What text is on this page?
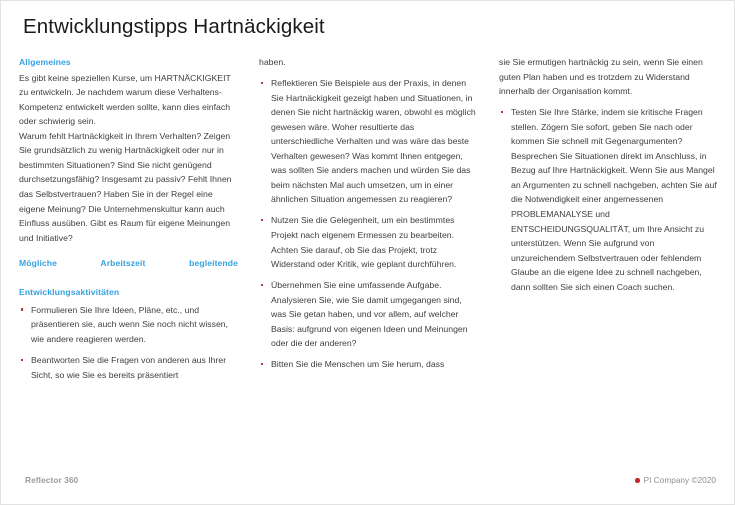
Entwicklungstipps Hartnäckigkeit
Allgemeines

Es gibt keine speziellen Kurse, um HARTNÄCKIGKEIT zu entwickeln. Je nachdem warum diese Verhaltens-Kompetenz entwickelt werden sollte, kann dies einfach oder schwierig sein.

Warum fehlt Hartnäckigkeit in Ihrem Verhalten? Zeigen Sie grundsätzlich zu wenig Hartnäckigkeit oder nur in bestimmten Situationen? Sind Sie nicht genügend durchsetzungsfähig? Insgesamt zu passiv? Fehlt Ihnen das Selbstvertrauen? Haben Sie in der Regel eine eigene Meinung? Die Unternehmenskultur kann auch Einfluss ausüben. Gibt es Raum für eigene Meinungen und Initiative?

Mögliche Arbeitszeit begleitende
Entwicklungsaktivitäten
Formulieren Sie Ihre Ideen, Pläne, etc., und präsentieren sie, auch wenn Sie noch nicht wissen, wie andere reagieren werden.
Beantworten Sie die Fragen von anderen aus Ihrer Sicht, so wie Sie es bereits präsentiert
haben.
Reflektieren Sie Beispiele aus der Praxis, in denen Sie Hartnäckigkeit gezeigt haben und Situationen, in denen Sie nicht hartnäckig waren, obwohl es möglich gewesen wäre. Woher resultierte das unterschiedliche Verhalten und was wäre das beste Verhalten gewesen? Was kommt Ihnen entgegen, was sollten Sie anders machen und würden Sie das beim nächsten Mal auch umsetzen, um in einer ähnlichen Situation angemessen zu reagieren?
Nutzen Sie die Gelegenheit, um ein bestimmtes Projekt nach eigenem Ermessen zu bearbeiten. Achten Sie darauf, ob Sie das Projekt, trotz Widerstand oder Kritik, wie geplant durchführen.
Übernehmen Sie eine umfassende Aufgabe. Analysieren Sie, wie Sie damit umgegangen sind, was Sie getan haben, und vor allem, auf welcher Basis: aufgrund von eigenen Ideen und Meinungen oder die der anderen?
Bitten Sie die Menschen um Sie herum, dass
sie Sie ermutigen hartnäckig zu sein, wenn Sie einen guten Plan haben und es trotzdem zu Widerstand innerhalb der Organisation kommt.
Testen Sie Ihre Stärke, indem sie kritische Fragen stellen. Zögern Sie sofort, geben Sie nach oder kommen Sie schnell mit Gegenargumenten? Besprechen Sie Situationen direkt im Anschluss, in Bezug auf Ihre Hartnäckigkeit. Wenn Sie aus Mangel an Argumenten zu schnell nachgeben, achten Sie auf die Notwendigkeit einer angemessenen PROBLEMANALYSE und ENTSCHEIDUNGSQUALITÄT, um Ihre Ansicht zu unterstützen. Wenn Sie aufgrund von unzureichendem Selbstvertrauen oder fehlendem Glaube an die eigene Idee zu schnell nachgeben, dann sollten Sie sich einen Coach suchen.
Reflector 360	PI Company ©2020
